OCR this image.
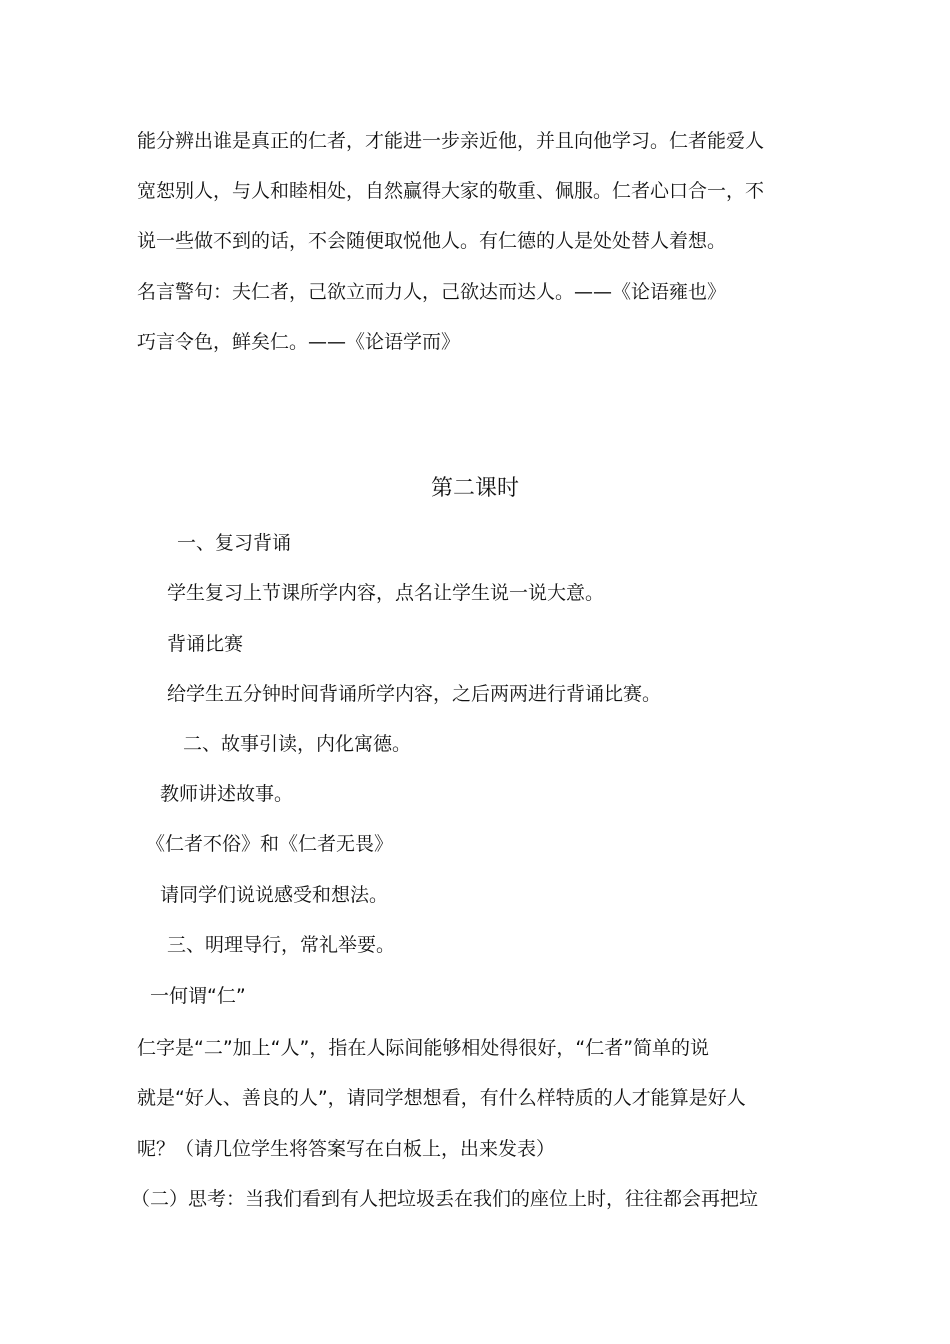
能分辨出谁是真正的仁者，才能进一步亲近他，并且向他学习。仁者能爱人
宽恕别人，与人和睦相处，自然赢得大家的敬重、佩服。仁者心口合一，不
说一些做不到的话，不会随便取悦他人。有仁德的人是处处替人着想。
名言警句：夫仁者，己欲立而力人，己欲达而达人。——《论语雍也》
巧言令色，鲜矣仁。——《论语学而》
第二课时
一、复习背诵
学生复习上节课所学内容，点名让学生说一说大意。
背诵比赛
给学生五分钟时间背诵所学内容，之后两两进行背诵比赛。
二、故事引读，内化寓德。
教师讲述故事。
《仁者不俗》和《仁者无畏》
请同学们说说感受和想法。
三、明理导行，常礼举要。
一何谓“仁”
仁字是“二”加上“人”，指在人际间能够相处得很好，“仁者”简单的说
就是“好人、善良的人”，请同学想想看，有什么样特质的人才能算是好人
呢？（请几位学生将答案写在白板上，出来发表）
（二）思考：当我们看到有人把垃圾丢在我们的座位上时，往往都会再把垃
